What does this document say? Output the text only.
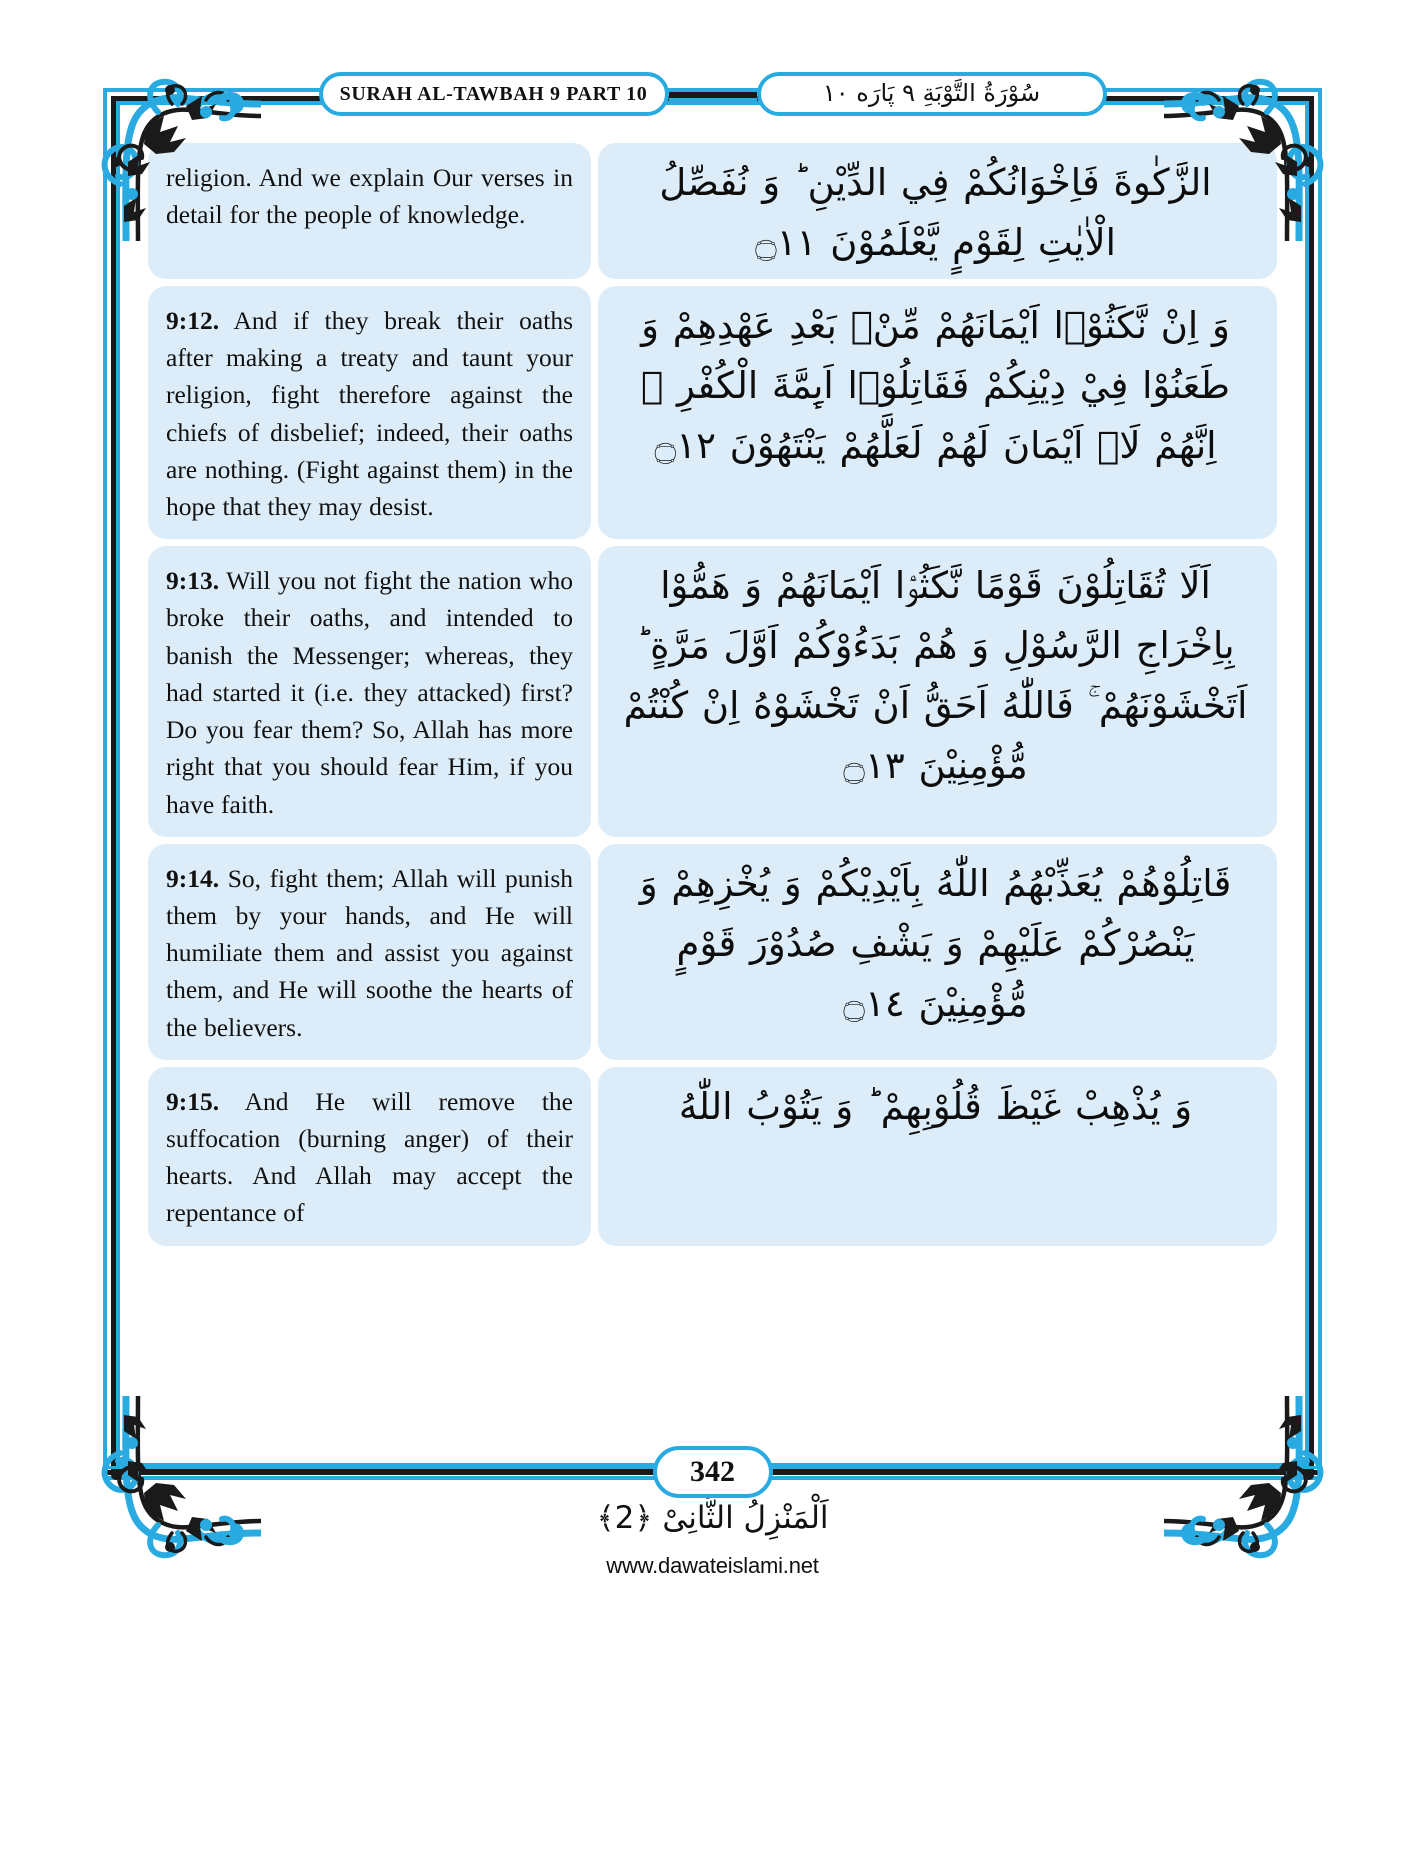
SURAH AL-TAWBAH 9 PART 10	سُوْرَةُ التَّوْبَةِ ٩ پَارَه ١٠
religion. And we explain Our verses in detail for the people of knowledge.
الزَّكٰوةَ فَاِخْوَانُكُمْ فِي الدِّيْنِ ؕ وَ نُفَصِّلُ الْاٰيٰتِ لِقَوْمٍ يَّعْلَمُوْنَ ۝١١
9:12. And if they break their oaths after making a treaty and taunt your religion, fight therefore against the chiefs of disbelief; indeed, their oaths are nothing. (Fight against them) in the hope that they may desist.
وَ اِنْ نَّكَثُوْۤا اَيْمَانَهُمْ مِّنْۢ بَعْدِ عَهْدِهِمْ وَ طَعَنُوْا فِيْ دِيْنِكُمْ فَقَاتِلُوْۤا اَىِٕمَّةَ الْكُفْرِ ۙ اِنَّهُمْ لَاۤ اَيْمَانَ لَهُمْ لَعَلَّهُمْ يَنْتَهُوْنَ ۝١٢
9:13. Will you not fight the nation who broke their oaths, and intended to banish the Messenger; whereas, they had started it (i.e. they attacked) first? Do you fear them? So, Allah has more right that you should fear Him, if you have faith.
اَلَا تُقَاتِلُوْنَ قَوْمًا نَّكَثُوْۤا اَيْمَانَهُمْ وَ هَمُّوْا بِاِخْرَاجِ الرَّسُوْلِ وَ هُمْ بَدَءُوْكُمْ اَوَّلَ مَرَّةٍ ؕ اَتَخْشَوْنَهُمْ ۚ فَاللّٰهُ اَحَقُّ اَنْ تَخْشَوْهُ اِنْ كُنْتُمْ مُّؤْمِنِيْنَ ۝١٣
9:14. So, fight them; Allah will punish them by your hands, and He will humiliate them and assist you against them, and He will soothe the hearts of the believers.
قَاتِلُوْهُمْ يُعَذِّبْهُمُ اللّٰهُ بِاَيْدِيْكُمْ وَ يُخْزِهِمْ وَ يَنْصُرْكُمْ عَلَيْهِمْ وَ يَشْفِ صُدُوْرَ قَوْمٍ مُّؤْمِنِيْنَ ۝١٤
9:15. And He will remove the suffocation (burning anger) of their hearts. And Allah may accept the repentance of
وَ يُذْهِبْ غَيْظَ قُلُوْبِهِمْ ؕ وَ يَتُوْبُ اللّٰهُ
342
اَلْمَنْزِلُ الثَّانِیْ ﴿2﴾
www.dawateislami.net
